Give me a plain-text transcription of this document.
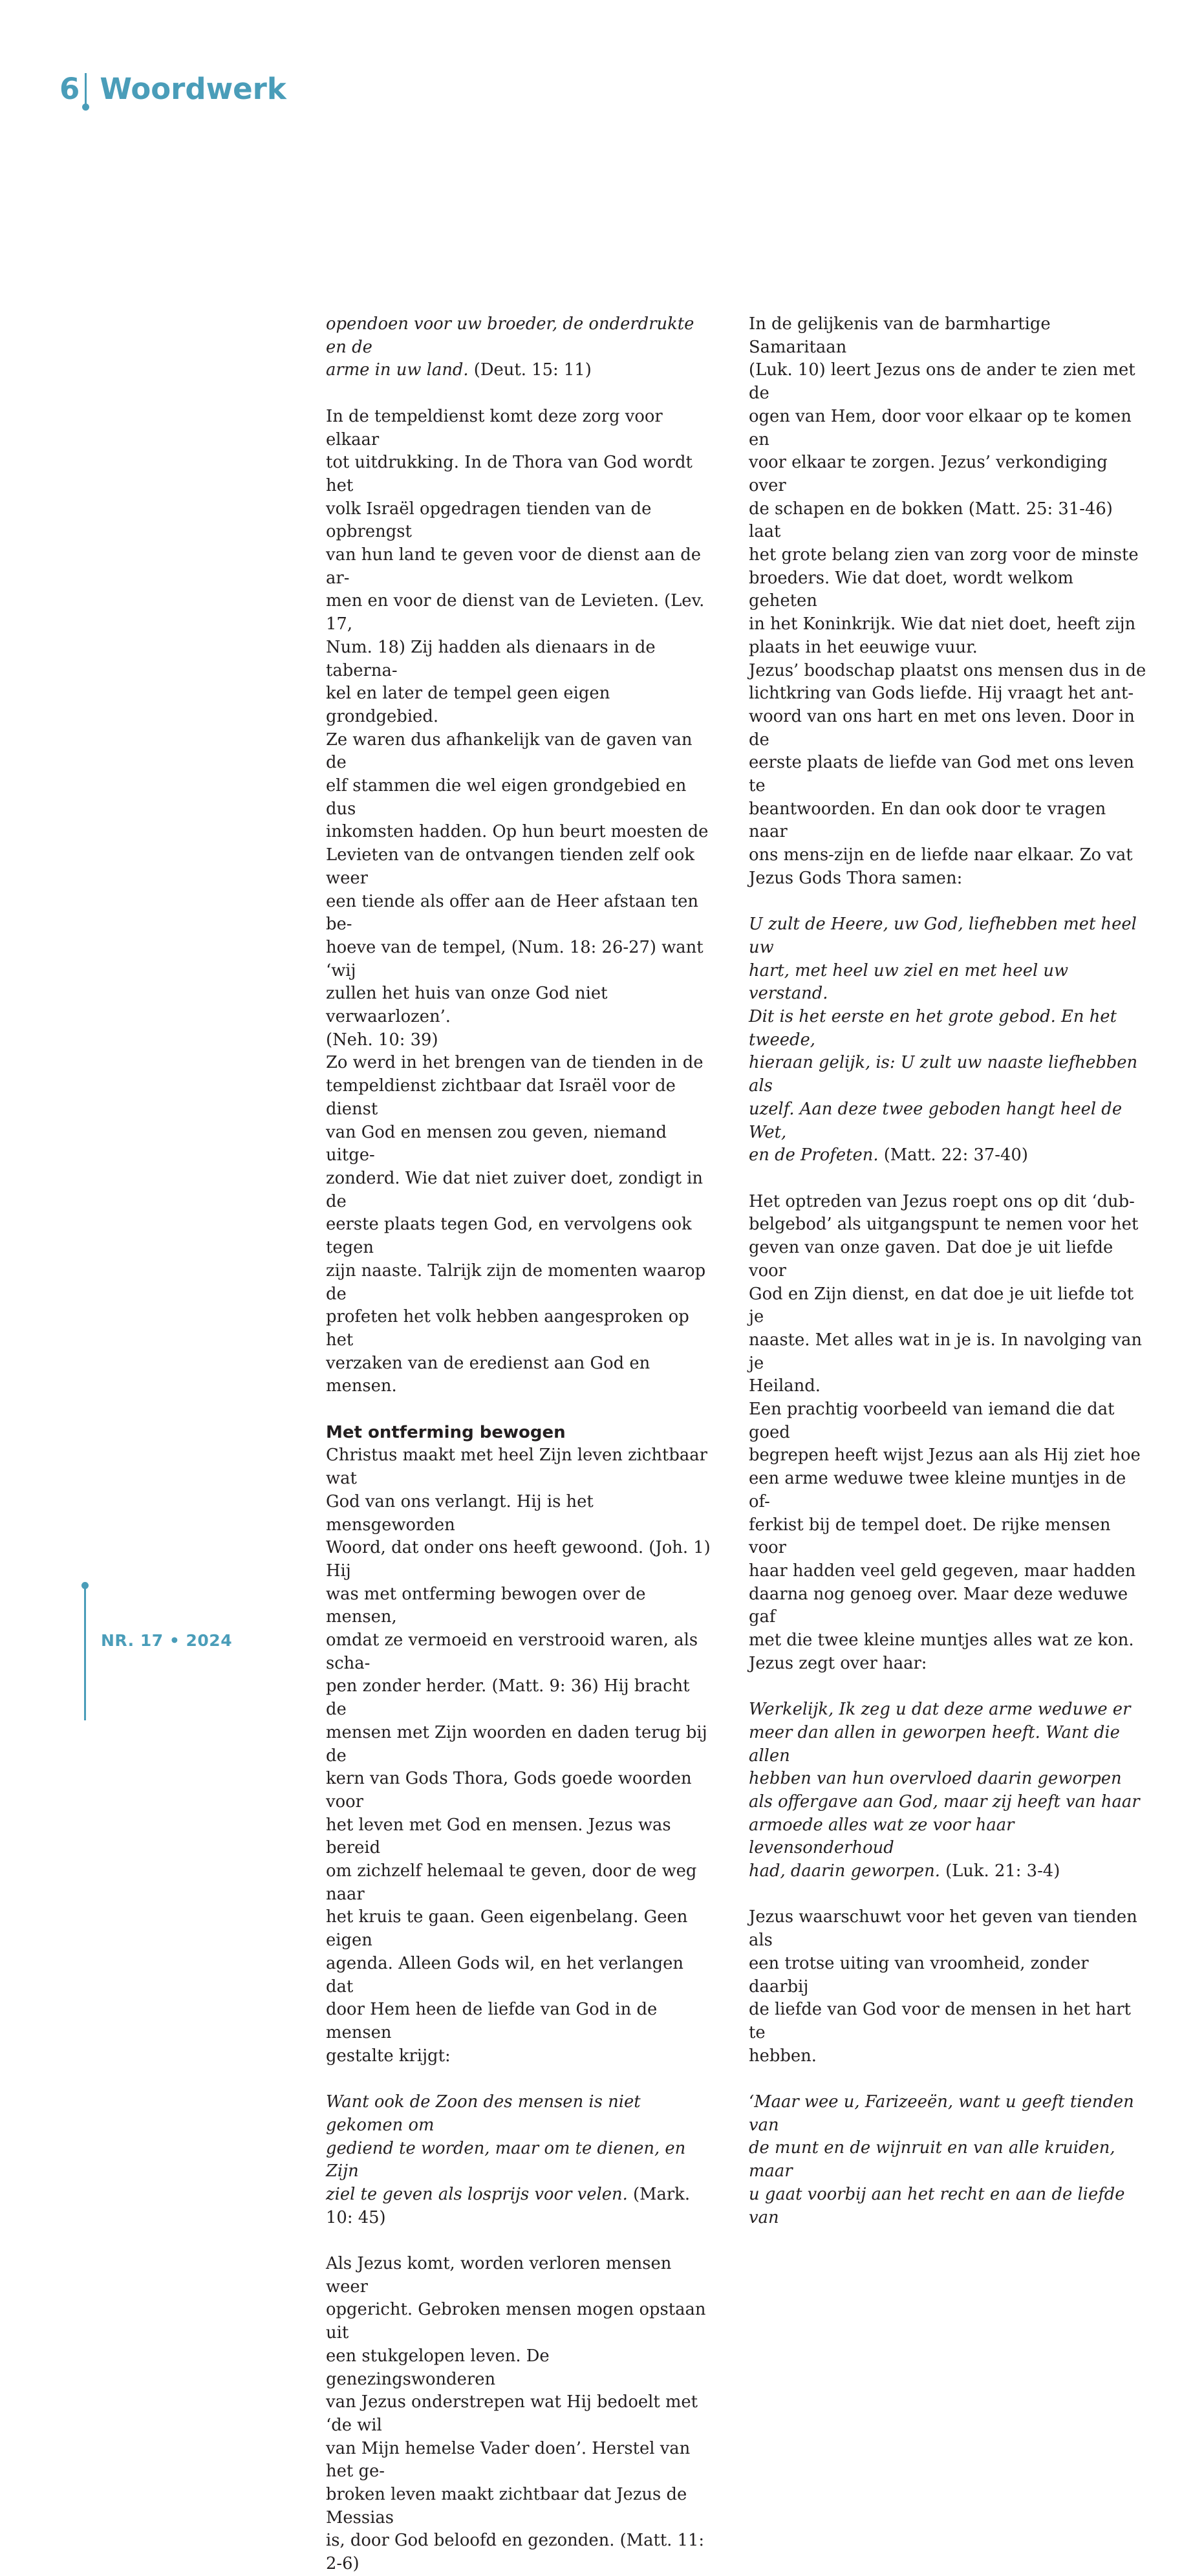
6 Woordwerk

opendoen voor uw broeder, de onderdrukte en de
arme in uw land. (Deut. 15: 11)

In de tempeldienst komt deze zorg voor elkaar
tot uitdrukking. In de Thora van God wordt het
volk Israël opgedragen tienden van de opbrengst
van hun land te geven voor de dienst aan de ar-
men en voor de dienst van de Levieten. (Lev. 17,
Num. 18) Zij hadden als dienaars in de taberna-
kel en later de tempel geen eigen grondgebied.
Ze waren dus afhankelijk van de gaven van de
elf stammen die wel eigen grondgebied en dus
inkomsten hadden. Op hun beurt moesten de
Levieten van de ontvangen tienden zelf ook weer
een tiende als offer aan de Heer afstaan ten be-
hoeve van de tempel, (Num. 18: 26-27) want ‘wij
zullen het huis van onze God niet verwaarlozen’.
(Neh. 10: 39)

Zo werd in het brengen van de tienden in de
tempeldienst zichtbaar dat Israël voor de dienst
van God en mensen zou geven, niemand uitge-
zonderd. Wie dat niet zuiver doet, zondigt in de
eerste plaats tegen God, en vervolgens ook tegen
zijn naaste. Talrijk zijn de momenten waarop de
profeten het volk hebben aangesproken op het
verzaken van de eredienst aan God en mensen.

Met ontferming bewogen

Christus maakt met heel Zijn leven zichtbaar wat
God van ons verlangt. Hij is het mensgeworden
Woord, dat onder ons heeft gewoond. (Joh. 1) Hij
was met ontferming bewogen over de mensen,
omdat ze vermoeid en verstrooid waren, als scha-
pen zonder herder. (Matt. 9: 36) Hij bracht de
mensen met Zijn woorden en daden terug bij de
kern van Gods Thora, Gods goede woorden voor
het leven met God en mensen. Jezus was bereid
om zichzelf helemaal te geven, door de weg naar
het kruis te gaan. Geen eigenbelang. Geen eigen
agenda. Alleen Gods wil, en het verlangen dat
door Hem heen de liefde van God in de mensen
gestalte krijgt:

Want ook de Zoon des mensen is niet gekomen om
gediend te worden, maar om te dienen, en Zijn
ziel te geven als losprijs voor velen. (Mark. 10: 45)

Als Jezus komt, worden verloren mensen weer
opgericht. Gebroken mensen mogen opstaan uit
een stukgelopen leven. De genezingswonderen
van Jezus onderstrepen wat Hij bedoelt met ‘de wil
van Mijn hemelse Vader doen’. Herstel van het ge-
broken leven maakt zichtbaar dat Jezus de Messias
is, door God beloofd en gezonden. (Matt. 11: 2-6)

In de gelijkenis van de barmhartige Samaritaan
(Luk. 10) leert Jezus ons de ander te zien met de
ogen van Hem, door voor elkaar op te komen en
voor elkaar te zorgen. Jezus’ verkondiging over
de schapen en de bokken (Matt. 25: 31-46) laat
het grote belang zien van zorg voor de minste
broeders. Wie dat doet, wordt welkom geheten
in het Koninkrijk. Wie dat niet doet, heeft zijn
plaats in het eeuwige vuur.

Jezus’ boodschap plaatst ons mensen dus in de
lichtkring van Gods liefde. Hij vraagt het ant-
woord van ons hart en met ons leven. Door in de
eerste plaats de liefde van God met ons leven te
beantwoorden. En dan ook door te vragen naar
ons mens-zijn en de liefde naar elkaar. Zo vat
Jezus Gods Thora samen:

U zult de Heere, uw God, liefhebben met heel uw
hart, met heel uw ziel en met heel uw verstand.
Dit is het eerste en het grote gebod. En het tweede,
hieraan gelijk, is: U zult uw naaste liefhebben als
uzelf. Aan deze twee geboden hangt heel de Wet,
en de Profeten. (Matt. 22: 37-40)

Het optreden van Jezus roept ons op dit ‘dub-
belgebod’ als uitgangspunt te nemen voor het
geven van onze gaven. Dat doe je uit liefde voor
God en Zijn dienst, en dat doe je uit liefde tot je
naaste. Met alles wat in je is. In navolging van je
Heiland.

Een prachtig voorbeeld van iemand die dat goed
begrepen heeft wijst Jezus aan als Hij ziet hoe
een arme weduwe twee kleine muntjes in de of-
ferkist bij de tempel doet. De rijke mensen voor
haar hadden veel geld gegeven, maar hadden
daarna nog genoeg over. Maar deze weduwe gaf
met die twee kleine muntjes alles wat ze kon.
Jezus zegt over haar:

Werkelijk, Ik zeg u dat deze arme weduwe er
meer dan allen in geworpen heeft. Want die allen
hebben van hun overvloed daarin geworpen
als offergave aan God, maar zij heeft van haar
armoede alles wat ze voor haar levensonderhoud
had, daarin geworpen. (Luk. 21: 3-4)

Jezus waarschuwt voor het geven van tienden als
een trotse uiting van vroomheid, zonder daarbij
de liefde van God voor de mensen in het hart te
hebben.

‘Maar wee u, Farizeeën, want u geeft tienden van
de munt en de wijnruit en van alle kruiden, maar
u gaat voorbij aan het recht en aan de liefde van

NR. 17 • 2024
